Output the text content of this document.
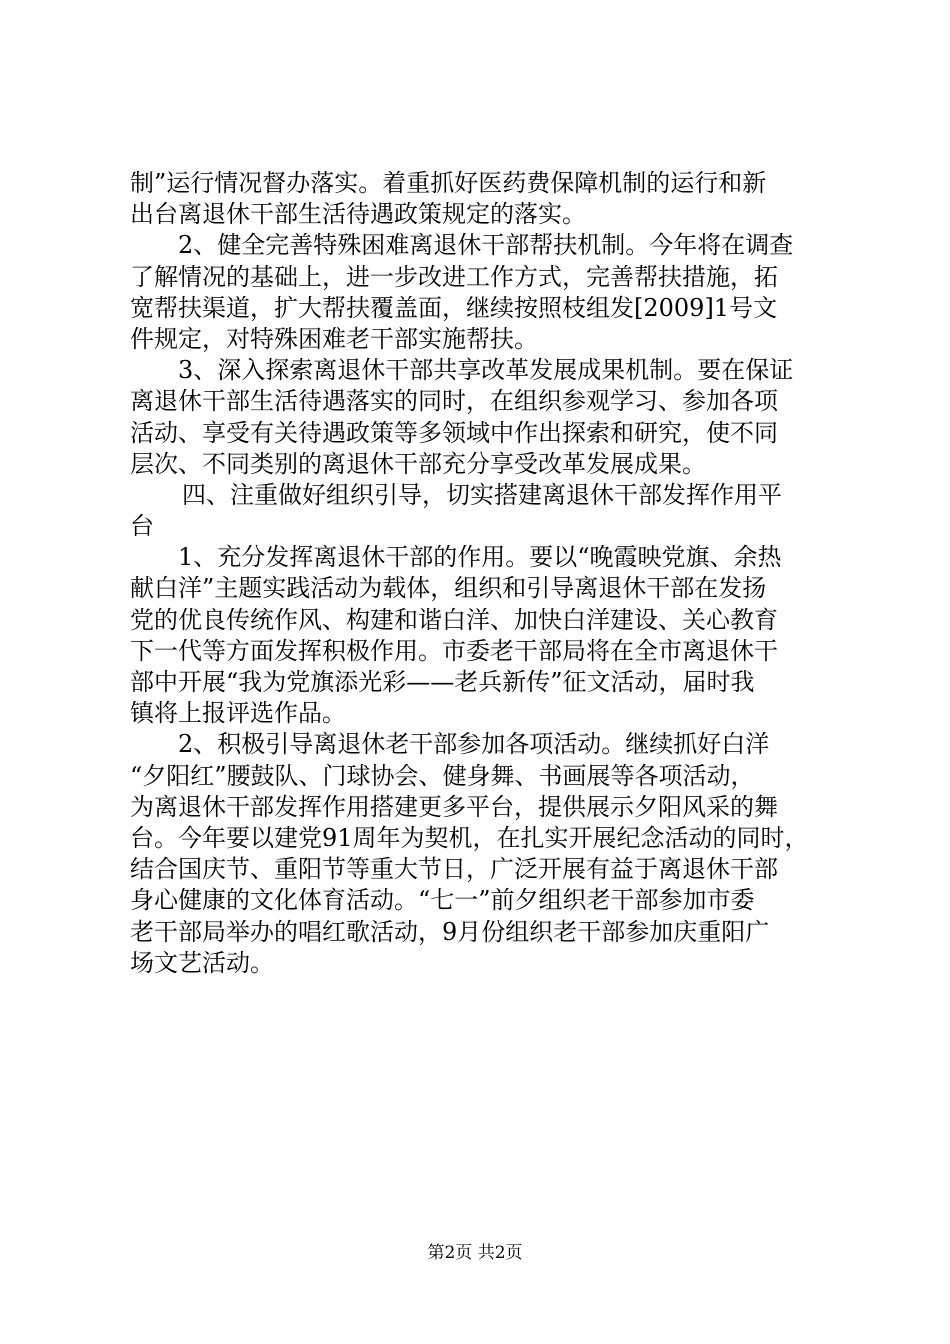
制”运行情况督办落实。着重抓好医药费保障机制的运行和新
出台离退休干部生活待遇政策规定的落实。
2、健全完善特殊困难离退休干部帮扶机制。今年将在调查
了解情况的基础上，进一步改进工作方式，完善帮扶措施，拓
宽帮扶渠道，扩大帮扶覆盖面，继续按照枝组发[2009]1号文
件规定，对特殊困难老干部实施帮扶。
3、深入探索离退休干部共享改革发展成果机制。要在保证
离退休干部生活待遇落实的同时，在组织参观学习、参加各项
活动、享受有关待遇政策等多领域中作出探索和研究，使不同
层次、不同类别的离退休干部充分享受改革发展成果。
四、注重做好组织引导，切实搭建离退休干部发挥作用平
台
1、充分发挥离退休干部的作用。要以“晚霞映党旗、余热
献白洋”主题实践活动为载体，组织和引导离退休干部在发扬
党的优良传统作风、构建和谐白洋、加快白洋建设、关心教育
下一代等方面发挥积极作用。市委老干部局将在全市离退休干
部中开展“我为党旗添光彩——老兵新传”征文活动，届时我
镇将上报评选作品。
2、积极引导离退休老干部参加各项活动。继续抓好白洋
“夕阳红”腰鼓队、门球协会、健身舞、书画展等各项活动，
为离退休干部发挥作用搭建更多平台，提供展示夕阳风采的舞
台。今年要以建党91周年为契机，在扎实开展纪念活动的同时，
结合国庆节、重阳节等重大节日，广泛开展有益于离退休干部
身心健康的文化体育活动。“七一”前夕组织老干部参加市委
老干部局举办的唱红歌活动，9月份组织老干部参加庆重阳广
场文艺活动。
第2页 共2页
